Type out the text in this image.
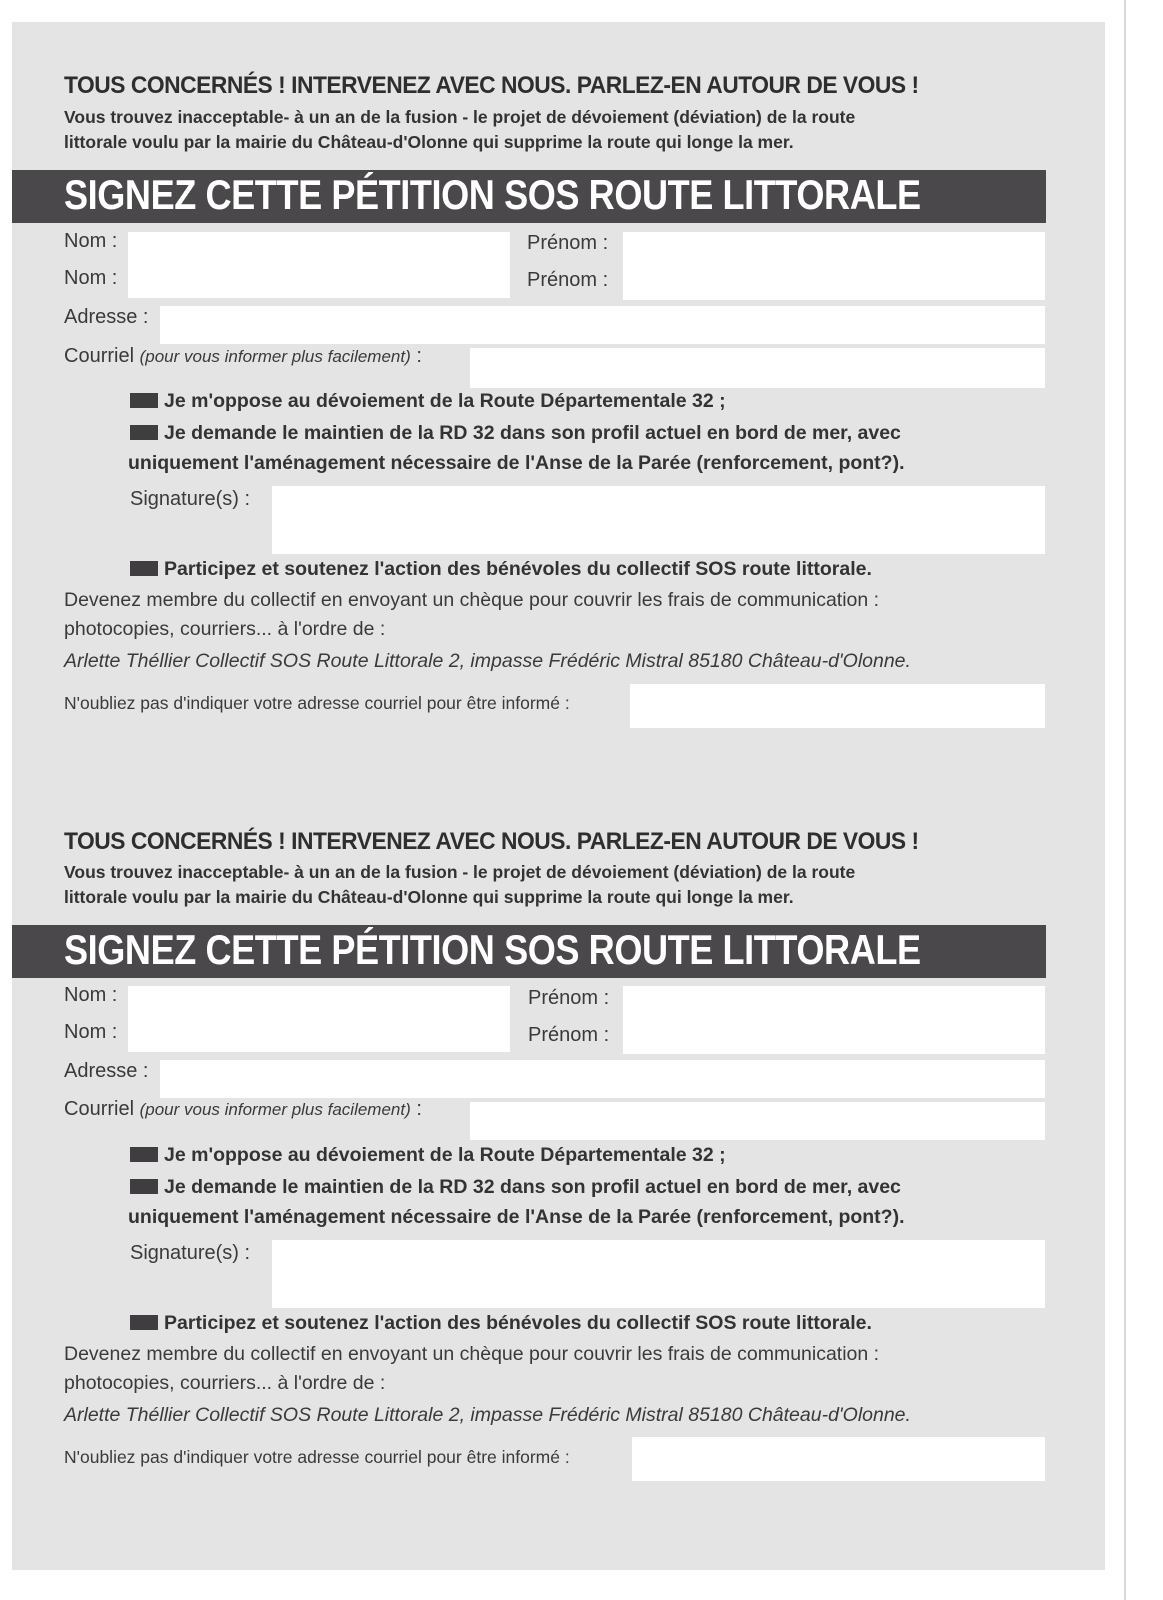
TOUS CONCERNÉS ! INTERVENEZ AVEC NOUS. PARLEZ-EN AUTOUR DE VOUS !
Vous trouvez inacceptable- à un an de la fusion - le projet de dévoiement (déviation) de la route
littorale voulu par la mairie du Château-d'Olonne qui supprime la route qui longe la mer.
SIGNEZ CETTE PÉTITION SOS ROUTE LITTORALE
Nom :	Prénom :
Nom :	Prénom :
Adresse :
Courriel (pour vous informer plus facilement) :
Je m'oppose au dévoiement de la Route Départementale 32 ;
Je demande le maintien de la RD 32 dans son profil actuel en bord de mer, avec
uniquement l'aménagement nécessaire de l'Anse de la Parée (renforcement, pont?).
Signature(s) :
Participez et soutenez l'action des bénévoles du collectif SOS route littorale.
Devenez membre du collectif en envoyant un chèque pour couvrir les frais de communication :
photocopies, courriers... à l'ordre de :
Arlette Théllier Collectif SOS Route Littorale 2, impasse Frédéric Mistral 85180 Château-d'Olonne.
N'oubliez pas d'indiquer votre adresse courriel pour être informé :
TOUS CONCERNÉS ! INTERVENEZ AVEC NOUS. PARLEZ-EN AUTOUR DE VOUS !
Vous trouvez inacceptable- à un an de la fusion - le projet de dévoiement (déviation) de la route
littorale voulu par la mairie du Château-d'Olonne qui supprime la route qui longe la mer.
SIGNEZ CETTE PÉTITION SOS ROUTE LITTORALE
Nom :	Prénom :
Nom :	Prénom :
Adresse :
Courriel (pour vous informer plus facilement) :
Je m'oppose au dévoiement de la Route Départementale 32 ;
Je demande le maintien de la RD 32 dans son profil actuel en bord de mer, avec
uniquement l'aménagement nécessaire de l'Anse de la Parée (renforcement, pont?).
Signature(s) :
Participez et soutenez l'action des bénévoles du collectif SOS route littorale.
Devenez membre du collectif en envoyant un chèque pour couvrir les frais de communication :
photocopies, courriers... à l'ordre de :
Arlette Théllier Collectif SOS Route Littorale 2, impasse Frédéric Mistral 85180 Château-d'Olonne.
N'oubliez pas d'indiquer votre adresse courriel pour être informé :
